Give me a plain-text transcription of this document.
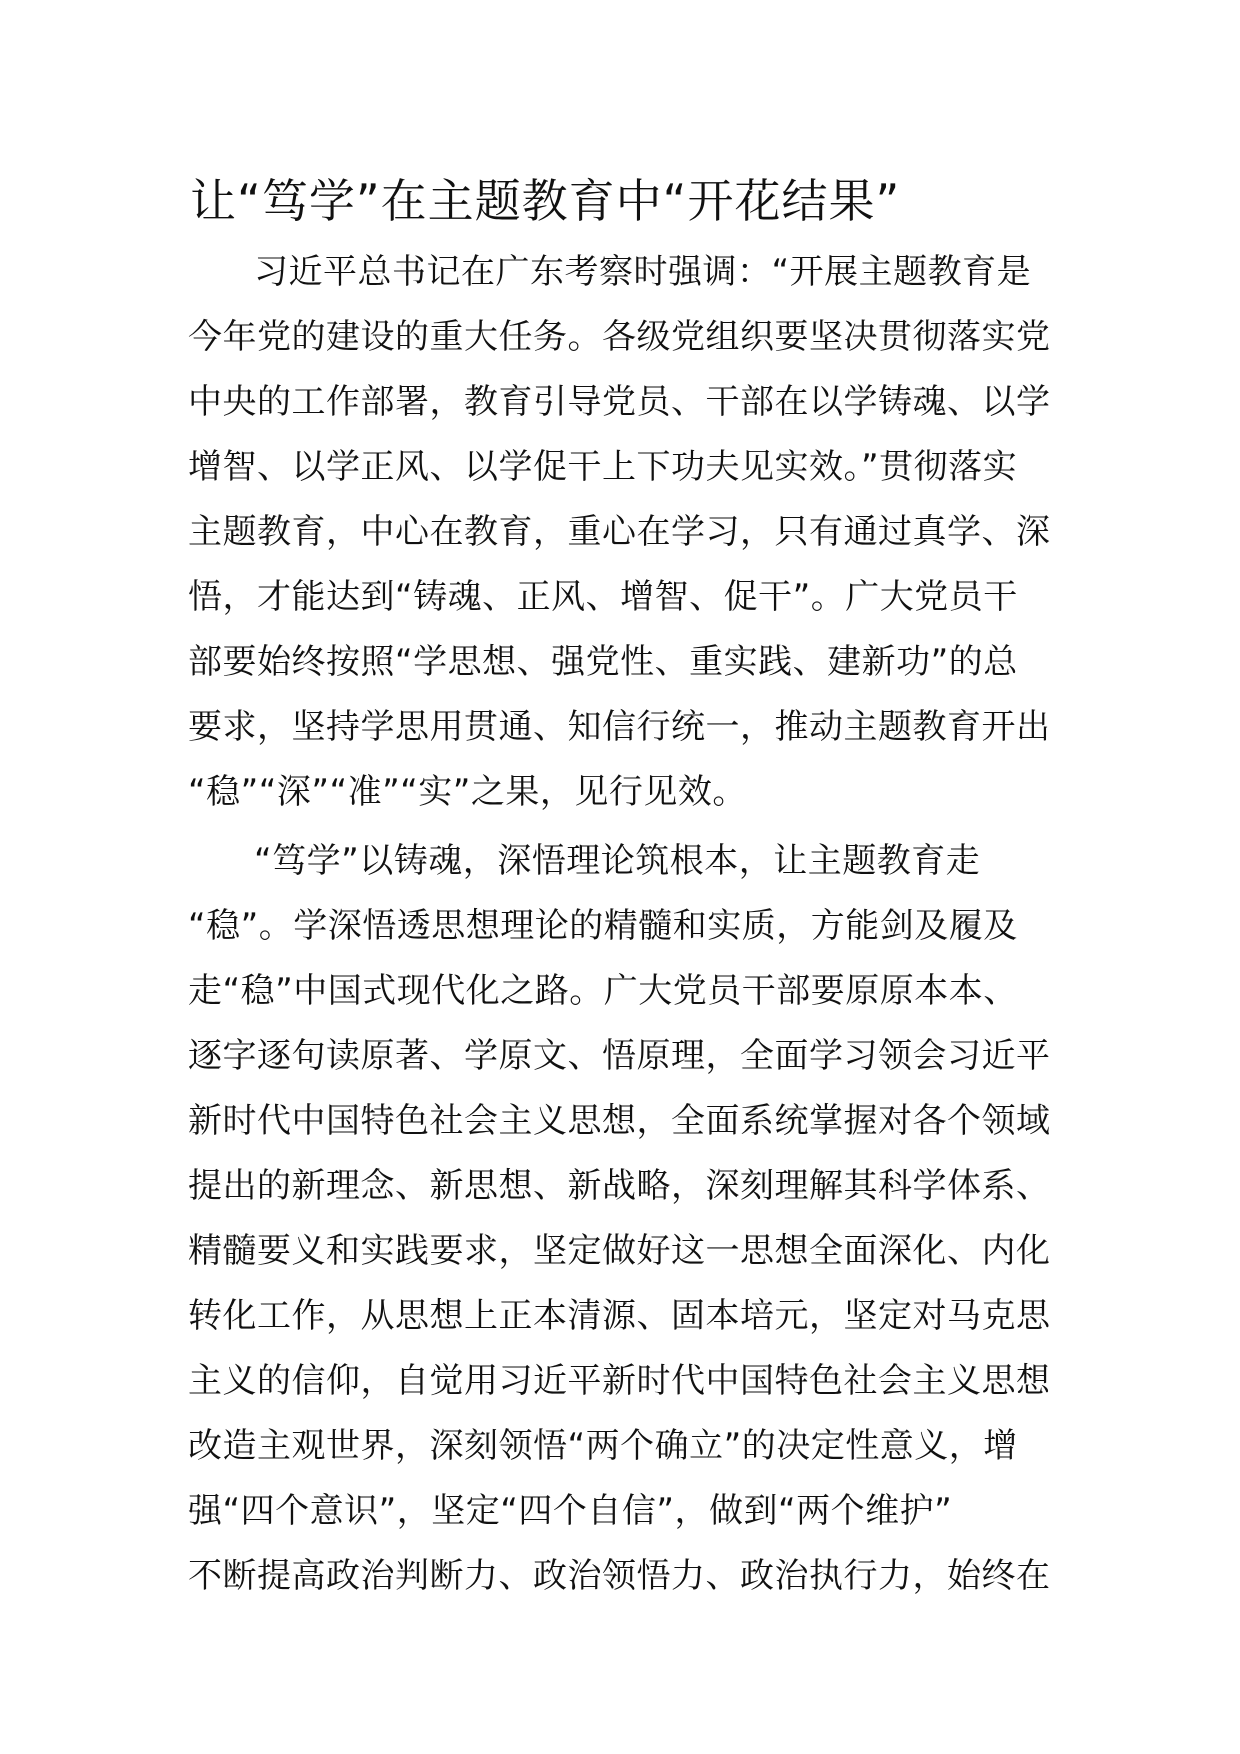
让“笃学”在主题教育中“开花结果”
习近平总书记在广东考察时强调：“开展主题教育是
今年党的建设的重大任务。各级党组织要坚决贯彻落实党
中央的工作部署，教育引导党员、干部在以学铸魂、以学
增智、以学正风、以学促干上下功夫见实效。”贯彻落实
主题教育，中心在教育，重心在学习，只有通过真学、深
悟，才能达到“铸魂、正风、增智、促干”。广大党员干
部要始终按照“学思想、强党性、重实践、建新功”的总
要求，坚持学思用贯通、知信行统一，推动主题教育开出
“稳”“深”“准”“实”之果，见行见效。
“笃学”以铸魂，深悟理论筑根本，让主题教育走
“稳”。学深悟透思想理论的精髓和实质，方能剑及履及
走“稳”中国式现代化之路。广大党员干部要原原本本、
逐字逐句读原著、学原文、悟原理，全面学习领会习近平
新时代中国特色社会主义思想，全面系统掌握对各个领域
提出的新理念、新思想、新战略，深刻理解其科学体系、
精髓要义和实践要求，坚定做好这一思想全面深化、内化
转化工作，从思想上正本清源、固本培元，坚定对马克思
主义的信仰，自觉用习近平新时代中国特色社会主义思想
改造主观世界，深刻领悟“两个确立”的决定性意义，增
强“四个意识”，坚定“四个自信”，做到“两个维护”
不断提高政治判断力、政治领悟力、政治执行力，始终在
